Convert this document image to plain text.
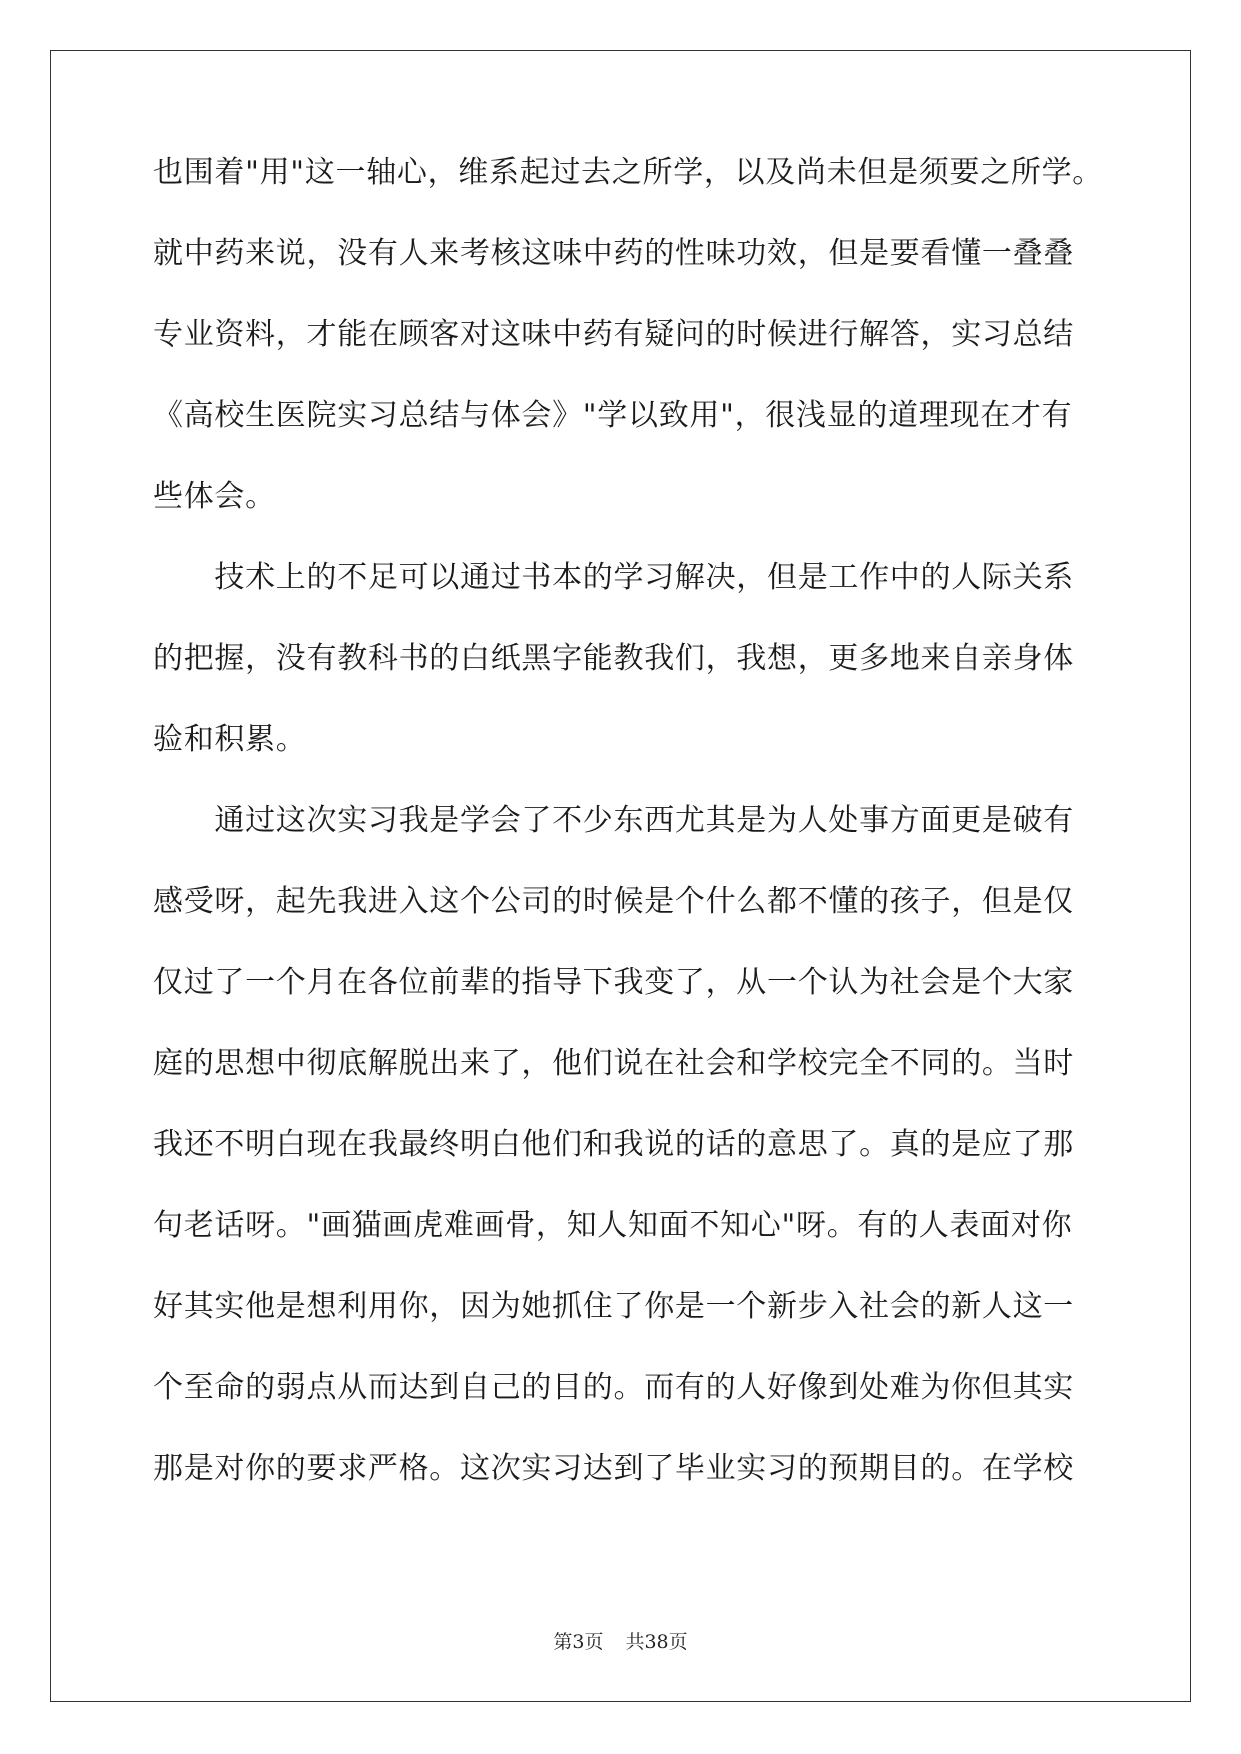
也围着"用"这一轴心，维系起过去之所学，以及尚未但是须要之所学。
就中药来说，没有人来考核这味中药的性味功效，但是要看懂一叠叠
专业资料，才能在顾客对这味中药有疑问的时候进行解答，实习总结
《高校生医院实习总结与体会》"学以致用"，很浅显的道理现在才有
些体会。
　　技术上的不足可以通过书本的学习解决，但是工作中的人际关系
的把握，没有教科书的白纸黑字能教我们，我想，更多地来自亲身体
验和积累。
　　通过这次实习我是学会了不少东西尤其是为人处事方面更是破有
感受呀，起先我进入这个公司的时候是个什么都不懂的孩子，但是仅
仅过了一个月在各位前辈的指导下我变了，从一个认为社会是个大家
庭的思想中彻底解脱出来了，他们说在社会和学校完全不同的。当时
我还不明白现在我最终明白他们和我说的话的意思了。真的是应了那
句老话呀。"画猫画虎难画骨，知人知面不知心"呀。有的人表面对你
好其实他是想利用你，因为她抓住了你是一个新步入社会的新人这一
个至命的弱点从而达到自己的目的。而有的人好像到处难为你但其实
那是对你的要求严格。这次实习达到了毕业实习的预期目的。在学校
第3页 共38页
